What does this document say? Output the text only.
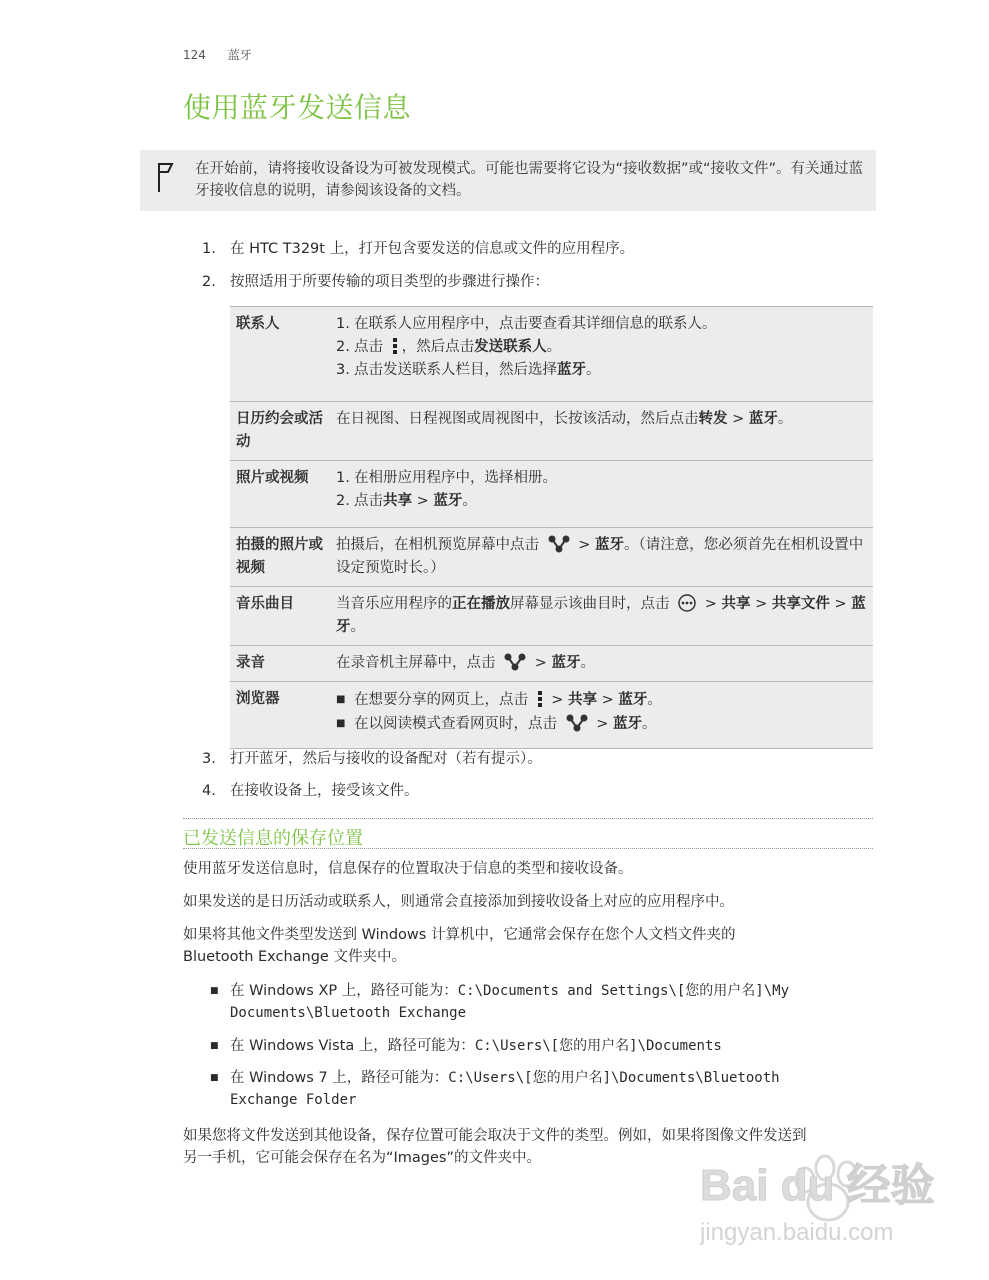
124 蓝牙
使用蓝牙发送信息
在开始前，请将接收设备设为可被发现模式。可能也需要将它设为“接收数据”或“接收文件”。有关通过蓝牙接收信息的说明，请参阅该设备的文档。
1. 在 HTC T329t 上，打开包含要发送的信息或文件的应用程序。
2. 按照适用于所要传输的项目类型的步骤进行操作：
联系人	1. 在联系人应用程序中，点击要查看其详细信息的联系人。
2. 点击 ，然后点击发送联系人。
3. 点击发送联系人栏目，然后选择蓝牙。

日历约会或活动	在日视图、日程视图或周视图中，长按该活动，然后点击转发 > 蓝牙。
照片或视频	1. 在相册应用程序中，选择相册。
2. 点击共享 > 蓝牙。

拍摄的照片或视频	拍摄后，在相机预览屏幕中点击  > 蓝牙。（请注意，您必须首先在相机设置中设定预览时长。）
音乐曲目	当音乐应用程序的正在播放屏幕显示该曲目时，点击  > 共享 > 共享文件 > 蓝牙。
录音	在录音机主屏幕中，点击  > 蓝牙。
浏览器	■ 在想要分享的网页上，点击  > 共享 > 蓝牙。
■ 在以阅读模式查看网页时，点击  > 蓝牙。
3. 打开蓝牙，然后与接收的设备配对（若有提示）。
4. 在接收设备上，接受该文件。
已发送信息的保存位置
使用蓝牙发送信息时，信息保存的位置取决于信息的类型和接收设备。
如果发送的是日历活动或联系人，则通常会直接添加到接收设备上对应的应用程序中。
如果将其他文件类型发送到 Windows 计算机中，它通常会保存在您个人文档文件夹的
Bluetooth Exchange 文件夹中。
■ 在 Windows XP 上，路径可能为：C:\Documents and Settings\[您的用户名]\My
Documents\Bluetooth Exchange
■ 在 Windows Vista 上，路径可能为：C:\Users\[您的用户名]\Documents
■ 在 Windows 7 上，路径可能为：C:\Users\[您的用户名]\Documents\Bluetooth
Exchange Folder
如果您将文件发送到其他设备，保存位置可能会取决于文件的类型。例如，如果将图像文件发送到
另一手机，它可能会保存在名为“Images”的文件夹中。
Bai du 经验
jingyan.baidu.com
